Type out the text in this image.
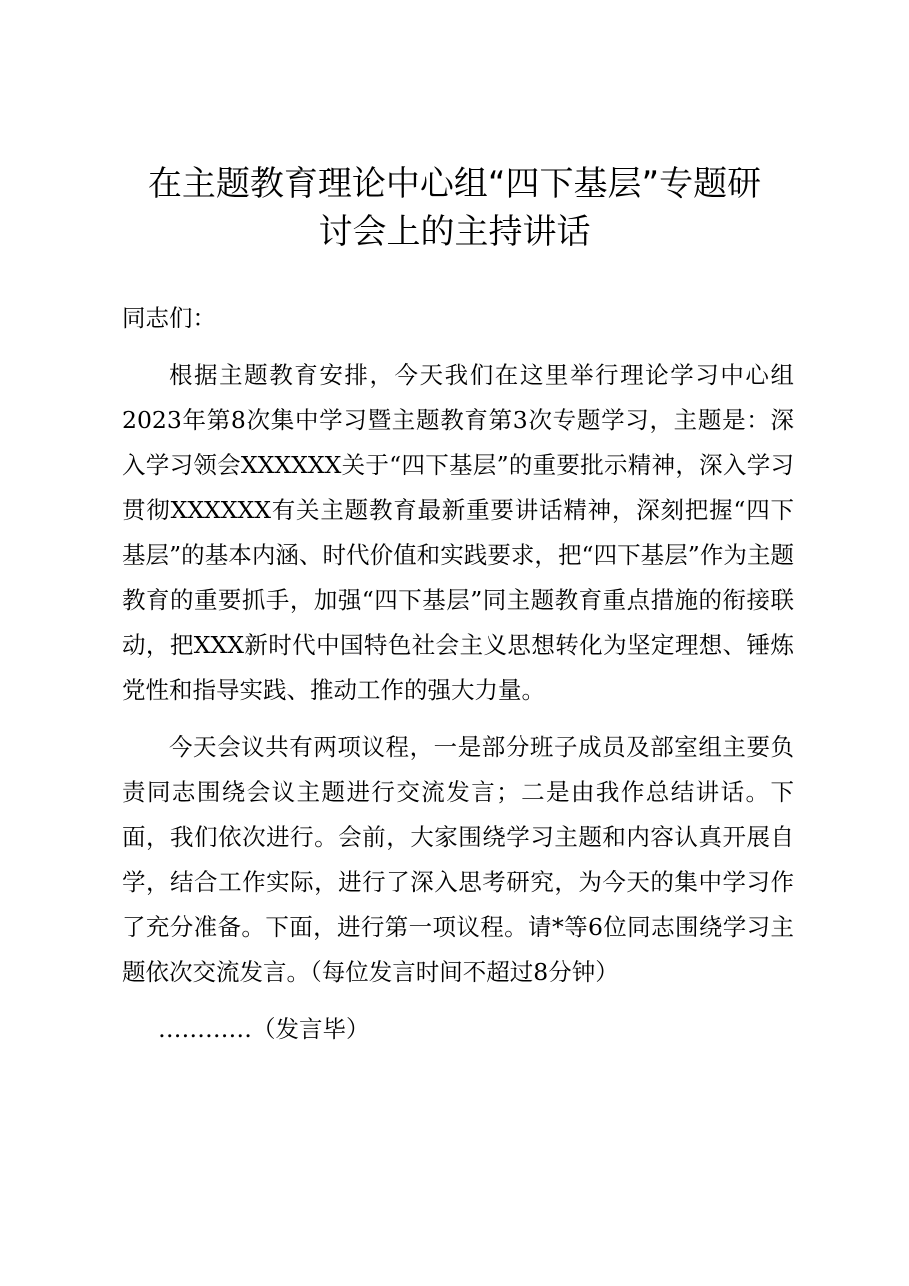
在主题教育理论中心组“四下基层”专题研
讨会上的主持讲话

同志们：

根据主题教育安排，今天我们在这里举行理论学习中心组2023年第8次集中学习暨主题教育第3次专题学习，主题是：深入学习领会XXXXXX关于“四下基层”的重要批示精神，深入学习贯彻XXXXXX有关主题教育最新重要讲话精神，深刻把握“四下基层”的基本内涵、时代价值和实践要求，把“四下基层”作为主题教育的重要抓手，加强“四下基层”同主题教育重点措施的衔接联动，把XXX新时代中国特色社会主义思想转化为坚定理想、锤炼党性和指导实践、推动工作的强大力量。

今天会议共有两项议程，一是部分班子成员及部室组主要负责同志围绕会议主题进行交流发言；二是由我作总结讲话。下面，我们依次进行。会前，大家围绕学习主题和内容认真开展自学，结合工作实际，进行了深入思考研究，为今天的集中学习作了充分准备。下面，进行第一项议程。请*等6位同志围绕学习主题依次交流发言。（每位发言时间不超过8分钟）

…………（发言毕）
